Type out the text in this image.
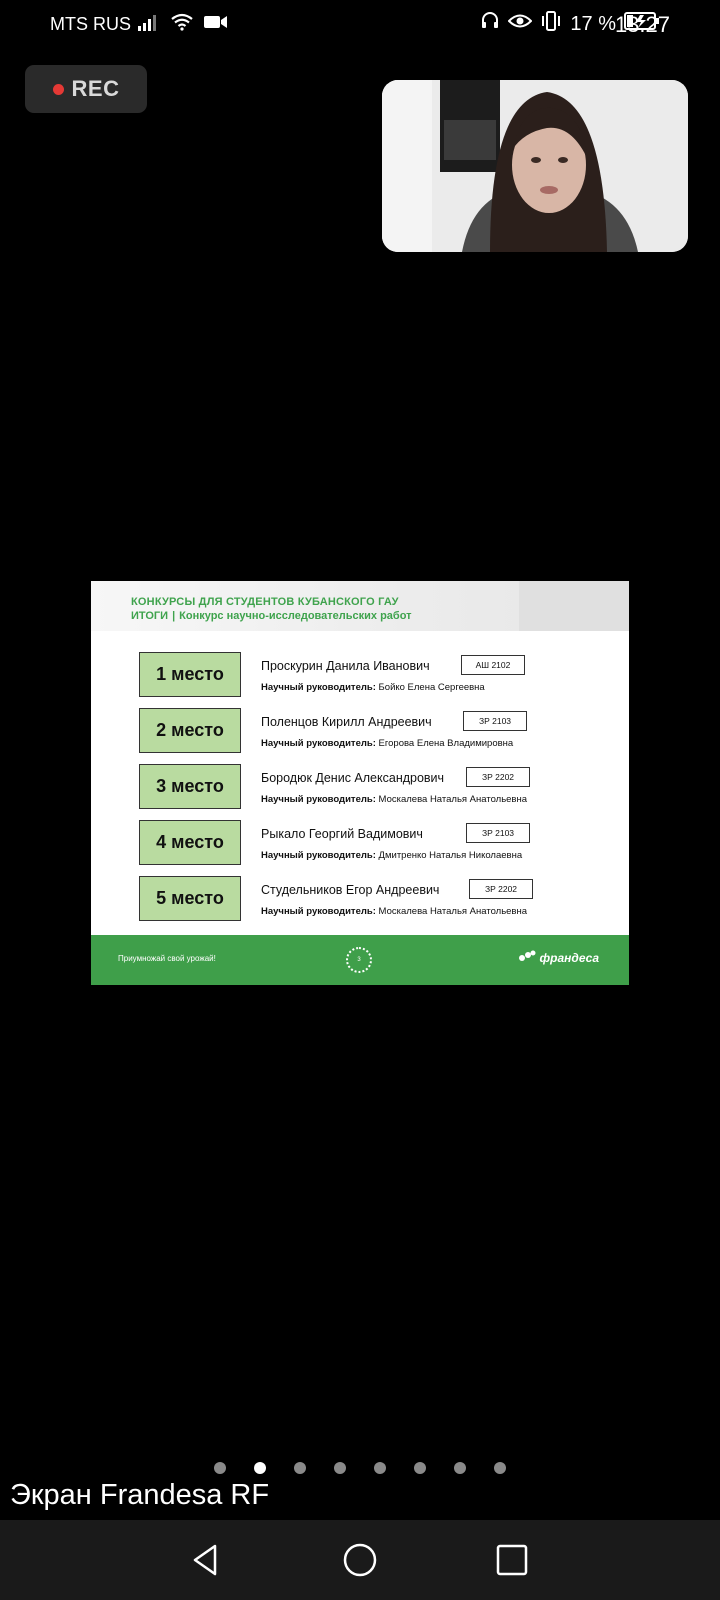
MTS RUS	17 %
13:27
REC
КОНКУРСЫ ДЛЯ СТУДЕНТОВ КУБАНСКОГО ГАУ
ИТОГИ | Конкурс научно-исследовательских работ
1 место	Проскурин Данила Иванович	АШ 2102
Научный руководитель: Бойко Елена Сергеевна
2 место	Поленцов Кирилл Андреевич	ЗР 2103
Научный руководитель: Егорова Елена Владимировна
3 место	Бородюк Денис Александрович	ЗР 2202
Научный руководитель: Москалева Наталья Анатольевна
4 место	Рыкало Георгий Вадимович	ЗР 2103
Научный руководитель: Дмитренко Наталья Николаевна
5 место	Студельников Егор Андреевич	ЗР 2202
Научный руководитель: Москалева Наталья Анатольевна
Приумножай свой урожай!	3	франдеса
Экран Frandesa RF
